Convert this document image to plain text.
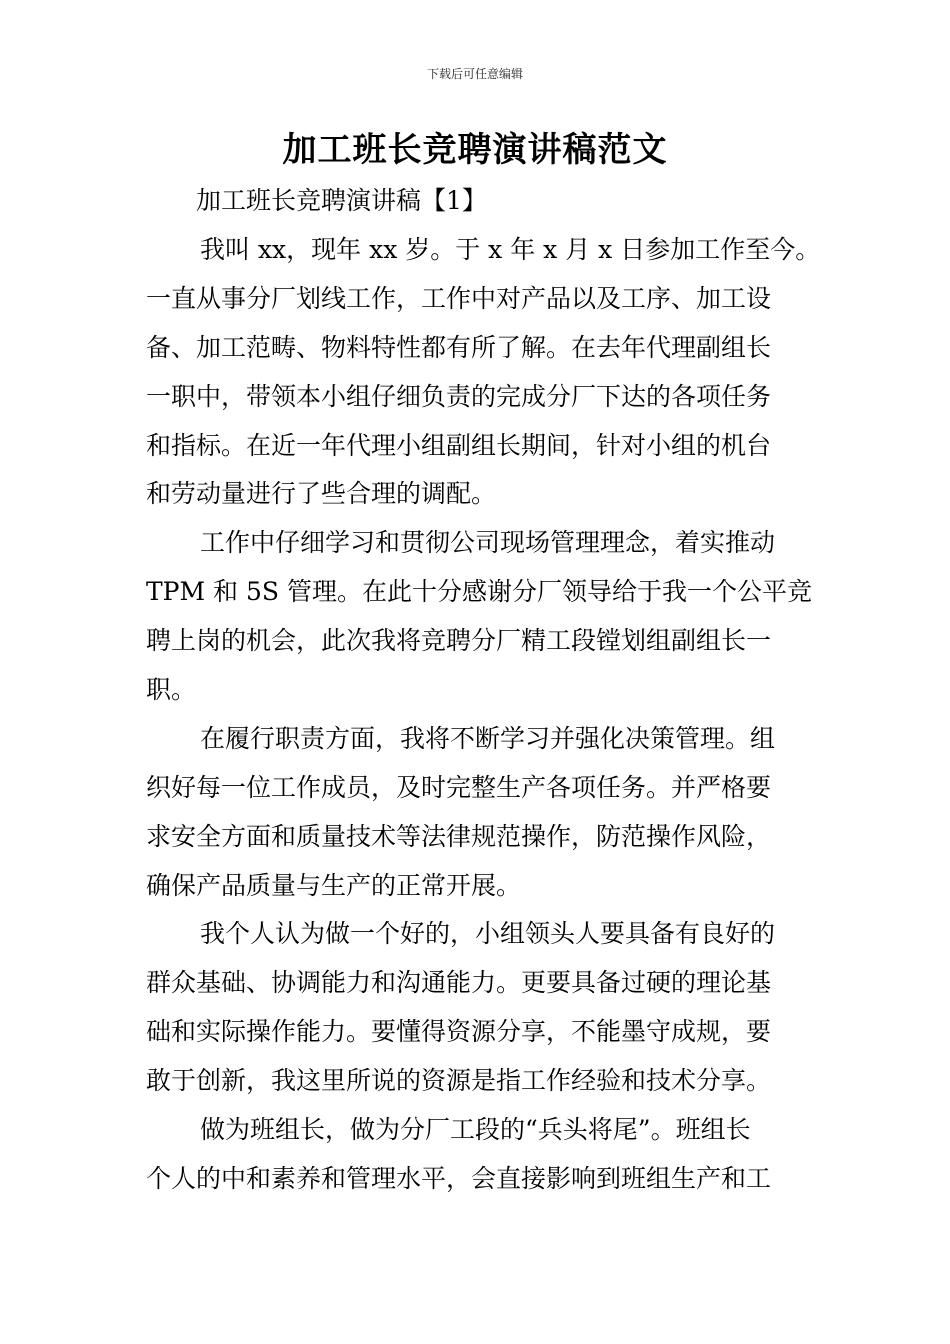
下载后可任意编辑
加工班长竞聘演讲稿范文
加工班长竞聘演讲稿【1】
我叫 xx，现年 xx 岁。于 x 年 x 月 x 日参加工作至今。
一直从事分厂划线工作，工作中对产品以及工序、加工设
备、加工范畴、物料特性都有所了解。在去年代理副组长
一职中，带领本小组仔细负责的完成分厂下达的各项任务
和指标。在近一年代理小组副组长期间，针对小组的机台
和劳动量进行了些合理的调配。
工作中仔细学习和贯彻公司现场管理理念，着实推动
TPM 和 5S 管理。在此十分感谢分厂领导给于我一个公平竞
聘上岗的机会，此次我将竞聘分厂精工段镗划组副组长一
职。
在履行职责方面，我将不断学习并强化决策管理。组
织好每一位工作成员，及时完整生产各项任务。并严格要
求安全方面和质量技术等法律规范操作，防范操作风险，
确保产品质量与生产的正常开展。
我个人认为做一个好的，小组领头人要具备有良好的
群众基础、协调能力和沟通能力。更要具备过硬的理论基
础和实际操作能力。要懂得资源分享，不能墨守成规，要
敢于创新，我这里所说的资源是指工作经验和技术分享。
做为班组长，做为分厂工段的“兵头将尾”。班组长
个人的中和素养和管理水平，会直接影响到班组生产和工
